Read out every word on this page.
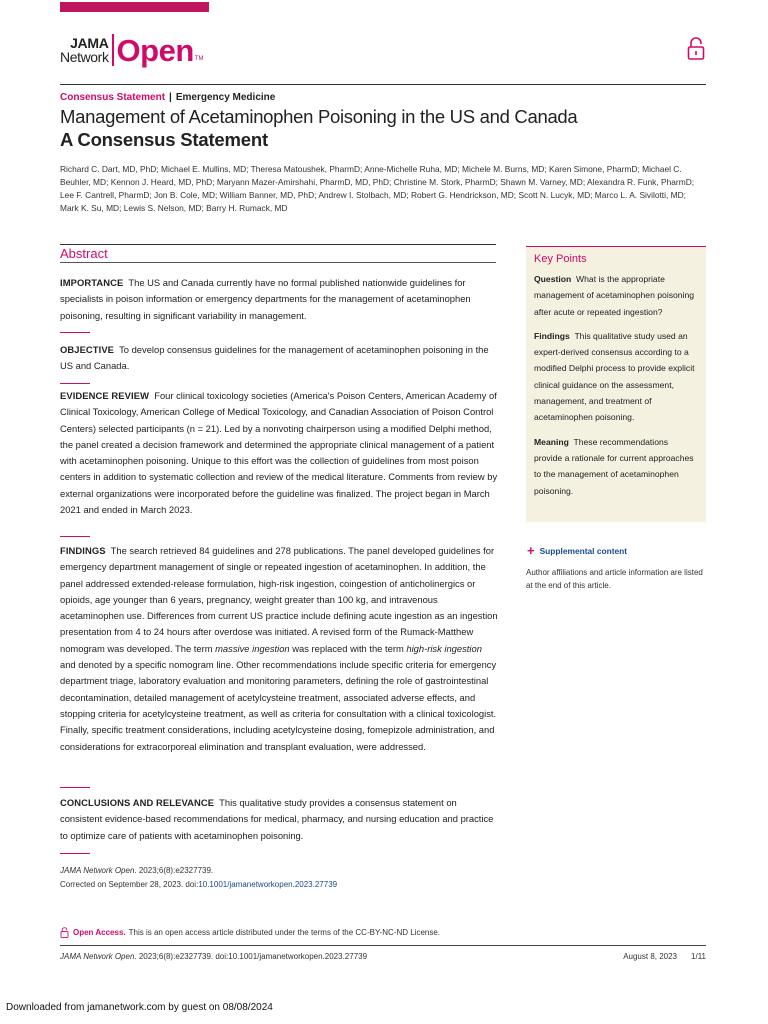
JAMA
Network Open TM
Consensus Statement | Emergency Medicine
Management of Acetaminophen Poisoning in the US and Canada
A Consensus Statement

Richard C. Dart, MD, PhD; Michael E. Mullins, MD; Theresa Matoushek, PharmD; Anne-Michelle Ruha, MD; Michele M. Burns, MD; Karen Simone, PharmD; Michael C. Beuhler, MD; Kennon J. Heard, MD, PhD; Maryann Mazer-Amirshahi, PharmD, MD, PhD; Christine M. Stork, PharmD; Shawn M. Varney, MD; Alexandra R. Funk, PharmD; Lee F. Cantrell, PharmD; Jon B. Cole, MD; William Banner, MD, PhD; Andrew I. Stolbach, MD; Robert G. Hendrickson, MD; Scott N. Lucyk, MD; Marco L. A. Sivilotti, MD; Mark K. Su, MD; Lewis S. Nelson, MD; Barry H. Rumack, MD

Abstract

IMPORTANCE The US and Canada currently have no formal published nationwide guidelines for specialists in poison information or emergency departments for the management of acetaminophen poisoning, resulting in significant variability in management.

OBJECTIVE To develop consensus guidelines for the management of acetaminophen poisoning in the US and Canada.

EVIDENCE REVIEW Four clinical toxicology societies (America's Poison Centers, American Academy of Clinical Toxicology, American College of Medical Toxicology, and Canadian Association of Poison Control Centers) selected participants (n = 21). Led by a nonvoting chairperson using a modified Delphi method, the panel created a decision framework and determined the appropriate clinical management of a patient with acetaminophen poisoning. Unique to this effort was the collection of guidelines from most poison centers in addition to systematic collection and review of the medical literature. Comments from review by external organizations were incorporated before the guideline was finalized. The project began in March 2021 and ended in March 2023.

FINDINGS The search retrieved 84 guidelines and 278 publications. The panel developed guidelines for emergency department management of single or repeated ingestion of acetaminophen. In addition, the panel addressed extended-release formulation, high-risk ingestion, coingestion of anticholinergics or opioids, age younger than 6 years, pregnancy, weight greater than 100 kg, and intravenous acetaminophen use. Differences from current US practice include defining acute ingestion as an ingestion presentation from 4 to 24 hours after overdose was initiated. A revised form of the Rumack-Matthew nomogram was developed. The term massive ingestion was replaced with the term high-risk ingestion and denoted by a specific nomogram line. Other recommendations include specific criteria for emergency department triage, laboratory evaluation and monitoring parameters, defining the role of gastrointestinal decontamination, detailed management of acetylcysteine treatment, associated adverse effects, and stopping criteria for acetylcysteine treatment, as well as criteria for consultation with a clinical toxicologist. Finally, specific treatment considerations, including acetylcysteine dosing, fomepizole administration, and considerations for extracorporeal elimination and transplant evaluation, were addressed.

CONCLUSIONS AND RELEVANCE This qualitative study provides a consensus statement on consistent evidence-based recommendations for medical, pharmacy, and nursing education and practice to optimize care of patients with acetaminophen poisoning.

Key Points

Question What is the appropriate management of acetaminophen poisoning after acute or repeated ingestion?

Findings This qualitative study used an expert-derived consensus according to a modified Delphi process to provide explicit clinical guidance on the assessment, management, and treatment of acetaminophen poisoning.

Meaning These recommendations provide a rationale for current approaches to the management of acetaminophen poisoning.

+ Supplemental content

Author affiliations and article information are listed at the end of this article.

JAMA Network Open. 2023;6(8):e2327739.
Corrected on September 28, 2023. doi:10.1001/jamanetworkopen.2023.27739
Open Access. This is an open access article distributed under the terms of the CC-BY-NC-ND License.
JAMA Network Open. 2023;6(8):e2327739. doi:10.1001/jamanetworkopen.2023.27739	August 8, 2023 1/11
Downloaded from jamanetwork.com by guest on 08/08/2024
